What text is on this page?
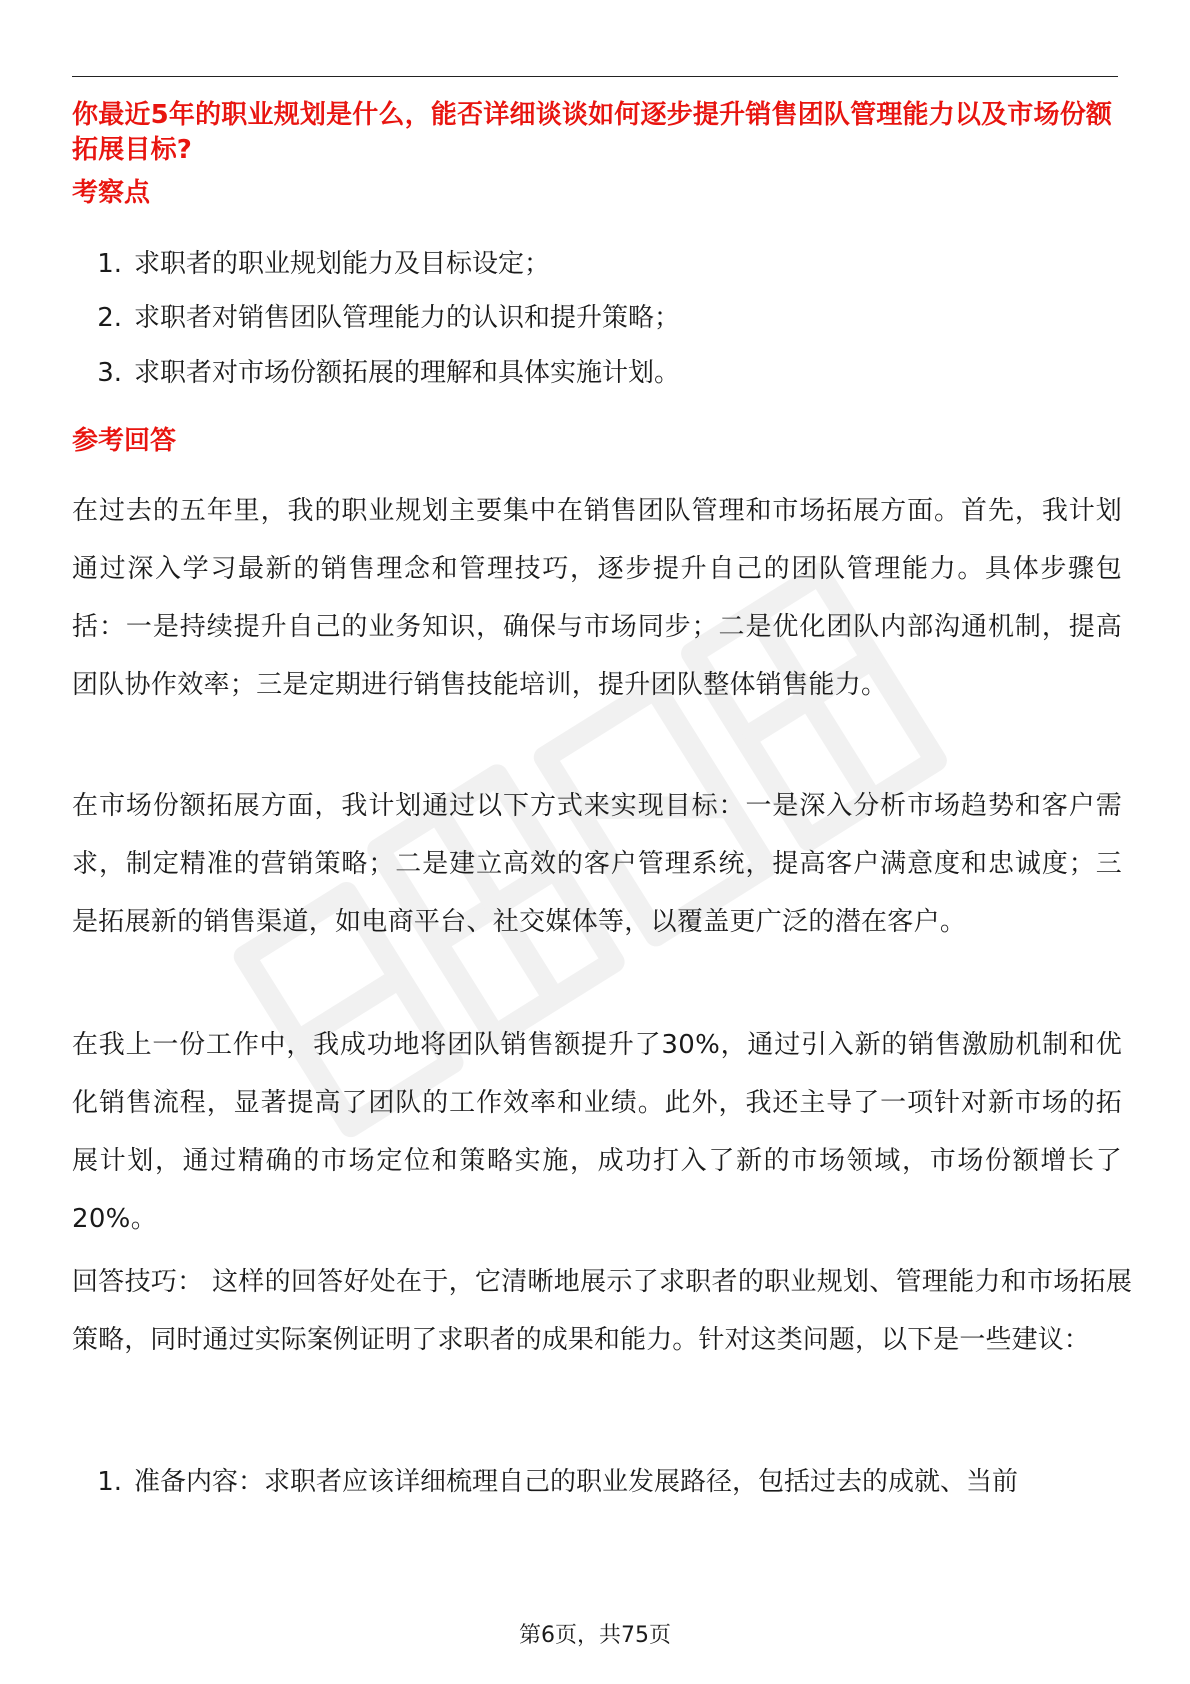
你最近5年的职业规划是什么，能否详细谈谈如何逐步提升销售团队管理能力以及市场份额拓展目标?
考察点
1. 求职者的职业规划能力及目标设定；
2. 求职者对销售团队管理能力的认识和提升策略；
3. 求职者对市场份额拓展的理解和具体实施计划。
参考回答
在过去的五年里，我的职业规划主要集中在销售团队管理和市场拓展方面。首先，我计划通过深入学习最新的销售理念和管理技巧，逐步提升自己的团队管理能力。具体步骤包括：一是持续提升自己的业务知识，确保与市场同步；二是优化团队内部沟通机制，提高团队协作效率；三是定期进行销售技能培训，提升团队整体销售能力。
在市场份额拓展方面，我计划通过以下方式来实现目标：一是深入分析市场趋势和客户需求，制定精准的营销策略；二是建立高效的客户管理系统，提高客户满意度和忠诚度；三是拓展新的销售渠道，如电商平台、社交媒体等，以覆盖更广泛的潜在客户。
在我上一份工作中，我成功地将团队销售额提升了30%，通过引入新的销售激励机制和优化销售流程，显著提高了团队的工作效率和业绩。此外，我还主导了一项针对新市场的拓展计划，通过精确的市场定位和策略实施，成功打入了新的市场领域，市场份额增长了20%。
回答技巧： 这样的回答好处在于，它清晰地展示了求职者的职业规划、管理能力和市场拓展策略，同时通过实际案例证明了求职者的成果和能力。针对这类问题，以下是一些建议：
1. 准备内容：求职者应该详细梳理自己的职业发展路径，包括过去的成就、当前
第6页，共75页
